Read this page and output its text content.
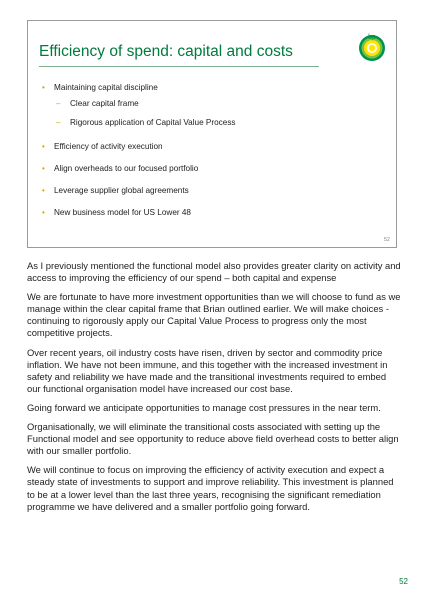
Efficiency of spend: capital and costs
bp
• Maintaining capital discipline
– Clear capital frame
– Rigorous application of Capital Value Process
• Efficiency of activity execution
• Align overheads to our focused portfolio
• Leverage supplier global agreements
• New business model for US Lower 48
52

As I previously mentioned the functional model also provides greater clarity on activity and access to improving the efficiency of our spend – both capital and expense

We are fortunate to have more investment opportunities than we will choose to fund as we manage within the clear capital frame that Brian outlined earlier. We will make choices - continuing to rigorously apply our Capital Value Process to progress only the most competitive projects.

Over recent years, oil industry costs have risen, driven by sector and commodity price inflation. We have not been immune, and this together with the increased investment in safety and reliability we have made and the transitional investments required to embed our functional organisation model have increased our cost base.

Going forward we anticipate opportunities to manage cost pressures in the near term.

Organisationally, we will eliminate the transitional costs associated with setting up the Functional model and see opportunity to reduce above field overhead costs to better align with our smaller portfolio.

We will continue to focus on improving the efficiency of activity execution and expect a steady state of investments to support and improve reliability. This investment is planned to be at a lower level than the last three years, recognising the significant remediation programme we have delivered and a smaller portfolio going forward.

52
